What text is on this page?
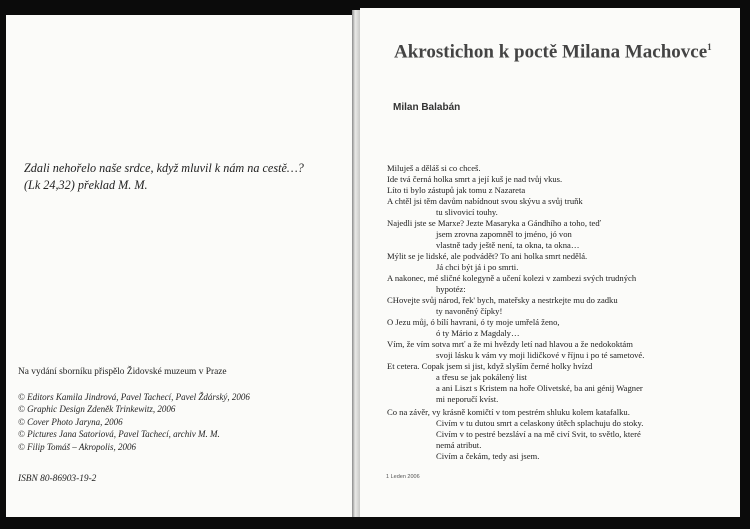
Zdali nehořelo naše srdce, když mluvil k nám na cestě…?
(Lk 24,32) překlad M. M.
Na vydání sborníku přispělo Židovské muzeum v Praze
© Editors Kamila Jindrová, Pavel Tachecí, Pavel Ždárský, 2006
© Graphic Design Zdeněk Trinkewitz, 2006
© Cover Photo Jaryna, 2006
© Pictures Jana Satoriová, Pavel Tachecí, archiv M. M.
© Filip Tomáš – Akropolis, 2006
ISBN 80-86903-19-2
Akrostichon k poctě Milana Machovce$^1$
Milan Balabán
Miluješ a děláš si co chceš.
Ide tvá černá holka smrt a její kuš je nad tvůj vkus.
Líto ti bylo zástupů jak tomu z Nazareta
A chtěl jsi těm davům nabídnout svou skývu a svůj truňk
tu slivovicí touhy.
Najedli jste se Marxe? Jezte Masaryka a Gándhího a toho, teď
jsem zrovna zapomněl to jméno, jó von
vlastně tady ještě není, ta okna, ta okna…
Mýlit se je lidské, ale podvádět? To ani holka smrt nedělá.
Já chci být já i po smrti.
A nakonec, mé sličné kolegyně a učení kolezi v zambezi svých trudných
hypotéz:
CHovejte svůj národ, řek' bych, mateřsky a nestrkejte mu do zadku
ty navoněný čípky!
O Jezu můj, ó bílí havrani, ó ty moje umřelá ženo,
ó ty Mário z Magdaly…
Vím, že vím sotva mrť a že mi hvězdy letí nad hlavou a že nedokoktám
svoji lásku k vám vy moji lidičkové v říjnu i po té sametové.
Et cetera. Copak jsem si jist, když slyším černé holky hvízd
a třesu se jak pokálený list
a ani Liszt s Kristem na hoře Olivetské, ba ani génij Wagner
mi neporučí kvíst.
Co na závěr, vy krásně komičtí v tom pestrém shluku kolem katafalku.
Civím v tu dutou smrt a celaskony útěch splachuju do stoky.
Civím v to pestré bezsláví a na mě civí Svit, to světlo, které
nemá atribut.
Civím a čekám, tedy asi jsem.
1 Leden 2006
